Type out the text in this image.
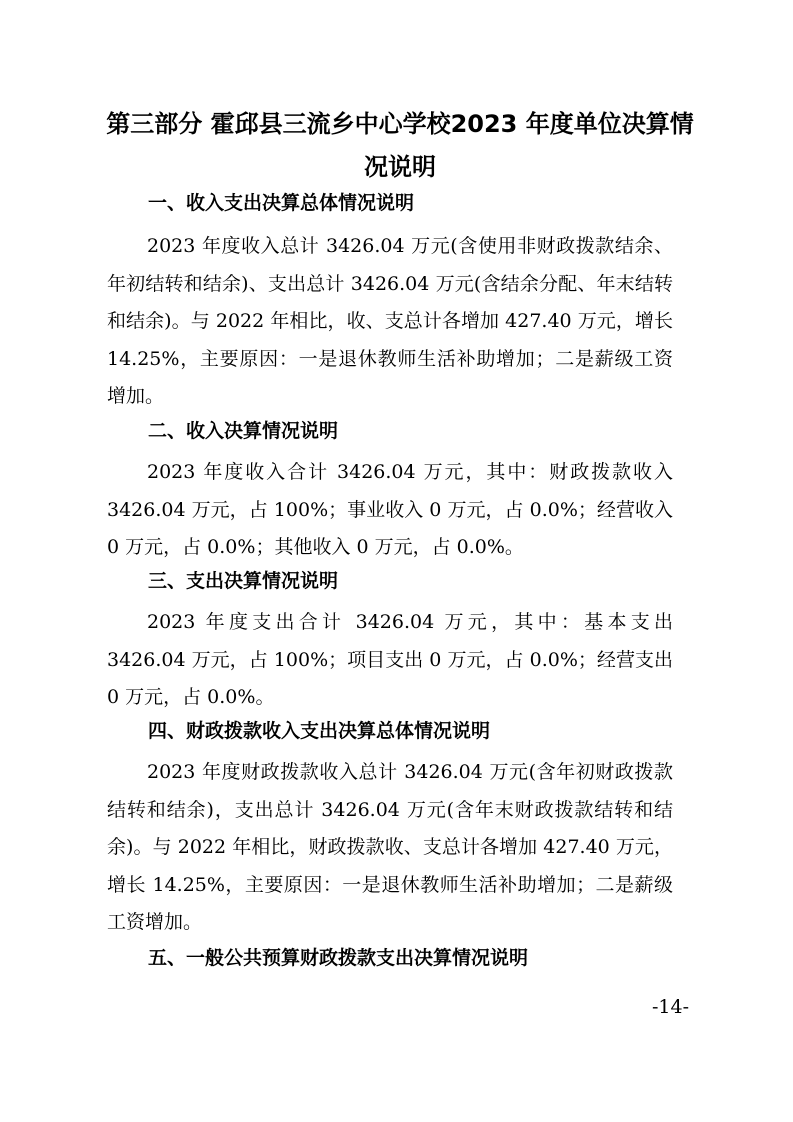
第三部分 霍邱县三流乡中心学校2023 年度单位决算情况说明
一、收入支出决算总体情况说明

2023 年度收入总计 3426.04 万元(含使用非财政拨款结余、年初结转和结余)、支出总计 3426.04 万元(含结余分配、年末结转和结余)。与 2022 年相比，收、支总计各增加 427.40 万元，增长 14.25%，主要原因：一是退休教师生活补助增加；二是薪级工资增加。

二、收入决算情况说明

2023 年度收入合计 3426.04 万元，其中：财政拨款收入 3426.04 万元，占 100%；事业收入 0 万元，占 0.0%；经营收入 0 万元，占 0.0%；其他收入 0 万元，占 0.0%。

三、支出决算情况说明

2023 年度支出合计 3426.04 万元，其中：基本支出 3426.04 万元，占 100%；项目支出 0 万元，占 0.0%；经营支出 0 万元，占 0.0%。

四、财政拨款收入支出决算总体情况说明

2023 年度财政拨款收入总计 3426.04 万元(含年初财政拨款结转和结余)，支出总计 3426.04 万元(含年末财政拨款结转和结余)。与 2022 年相比，财政拨款收、支总计各增加 427.40 万元，增长 14.25%，主要原因：一是退休教师生活补助增加；二是薪级工资增加。

五、一般公共预算财政拨款支出决算情况说明

-14-
